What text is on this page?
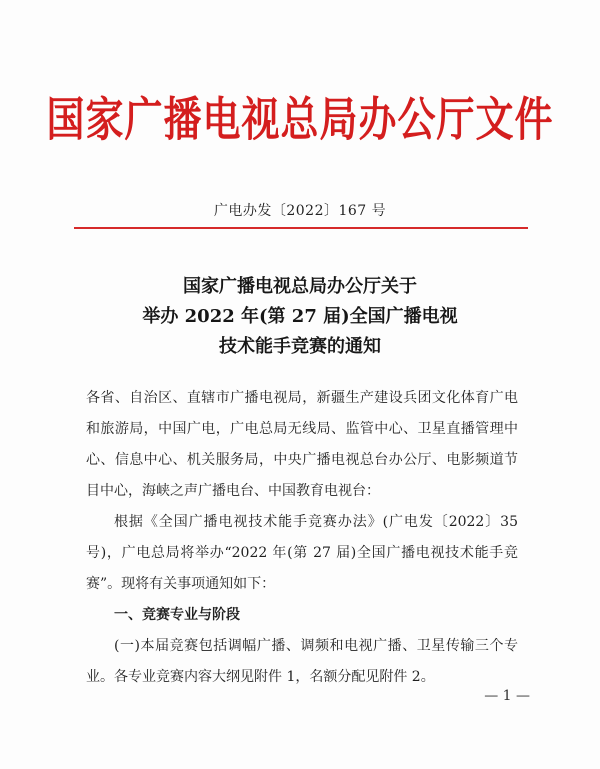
国家广播电视总局办公厅文件
广电办发〔2022〕167 号
国家广播电视总局办公厅关于
举办 2022 年(第 27 届)全国广播电视
技术能手竞赛的通知

各省、自治区、直辖市广播电视局，新疆生产建设兵团文化体育广电和旅游局，中国广电，广电总局无线局、监管中心、卫星直播管理中心、信息中心、机关服务局，中央广播电视总台办公厅、电影频道节目中心，海峡之声广播电台、中国教育电视台：

根据《全国广播电视技术能手竞赛办法》(广电发〔2022〕35 号)，广电总局将举办“2022 年(第 27 届)全国广播电视技术能手竞赛”。现将有关事项通知如下：

一、竞赛专业与阶段

(一)本届竞赛包括调幅广播、调频和电视广播、卫星传输三个专业。各专业竞赛内容大纲见附件 1，名额分配见附件 2。

— 1 —
